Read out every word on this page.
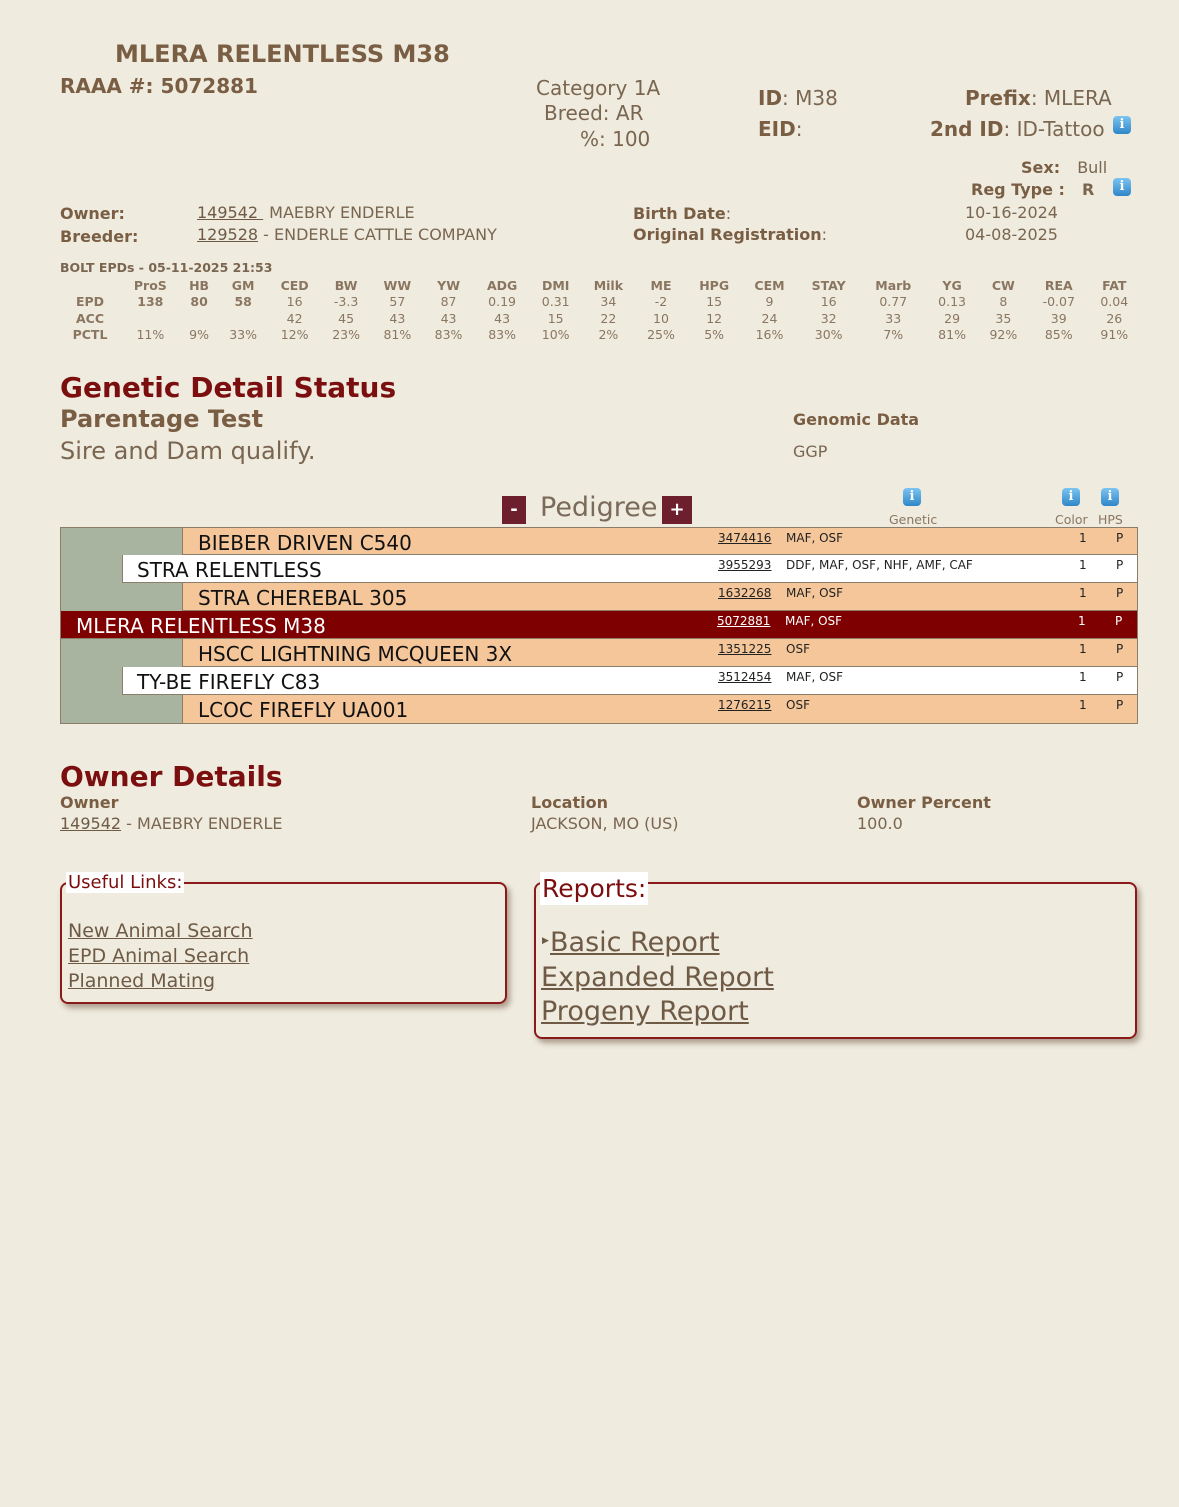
MLERA RELENTLESS M38
RAAA #: 5072881	Category 1A
Breed: AR
%: 100
ID: M38
EID:
Prefix: MLERA
2nd ID: ID-Tattoo	i
Sex: Bull
Reg Type : R	i
Owner:	149542 MAEBRY ENDERLE
Breeder:	129528 - ENDERLE CATTLE COMPANY
Birth Date:	10-16-2024
Original Registration:	04-08-2025
BOLT EPDs - 05-11-2025 21:53
	ProS	HB	GM	CED	BW	WW	YW	ADG	DMI	Milk	ME	HPG	CEM	STAY	Marb	YG	CW	REA	FAT
EPD	138	80	58	16	-3.3	57	87	0.19	0.31	34	-2	15	9	16	0.77	0.13	8	-0.07	0.04
ACC				42	45	43	43	43	15	22	10	12	24	32	33	29	35	39	26
PCTL	11%	9%	33%	12%	23%	81%	83%	83%	10%	2%	25%	5%	16%	30%	7%	81%	92%	85%	91%
Genetic Detail Status
Parentage Test
Sire and Dam qualify.
Genomic Data
GGP
- Pedigree +
i
Genetic
i
Color
i
HPS
BIEBER DRIVEN C540	3474416 MAF, OSF	1 P
STRA RELENTLESS	3955293 DDF, MAF, OSF, NHF, AMF, CAF	1 P
STRA CHEREBAL 305	1632268 MAF, OSF	1 P
MLERA RELENTLESS M38	5072881 MAF, OSF	1 P
HSCC LIGHTNING MCQUEEN 3X	1351225 OSF	1 P
TY-BE FIREFLY C83	3512454 MAF, OSF	1 P
LCOC FIREFLY UA001	1276215 OSF	1 P
Owner Details
Owner
149542 - MAEBRY ENDERLE
Location
JACKSON, MO (US)
Owner Percent
100.0
Useful Links:
New Animal Search
EPD Animal Search
Planned Mating
Reports:
▶ Basic Report
Expanded Report
Progeny Report
